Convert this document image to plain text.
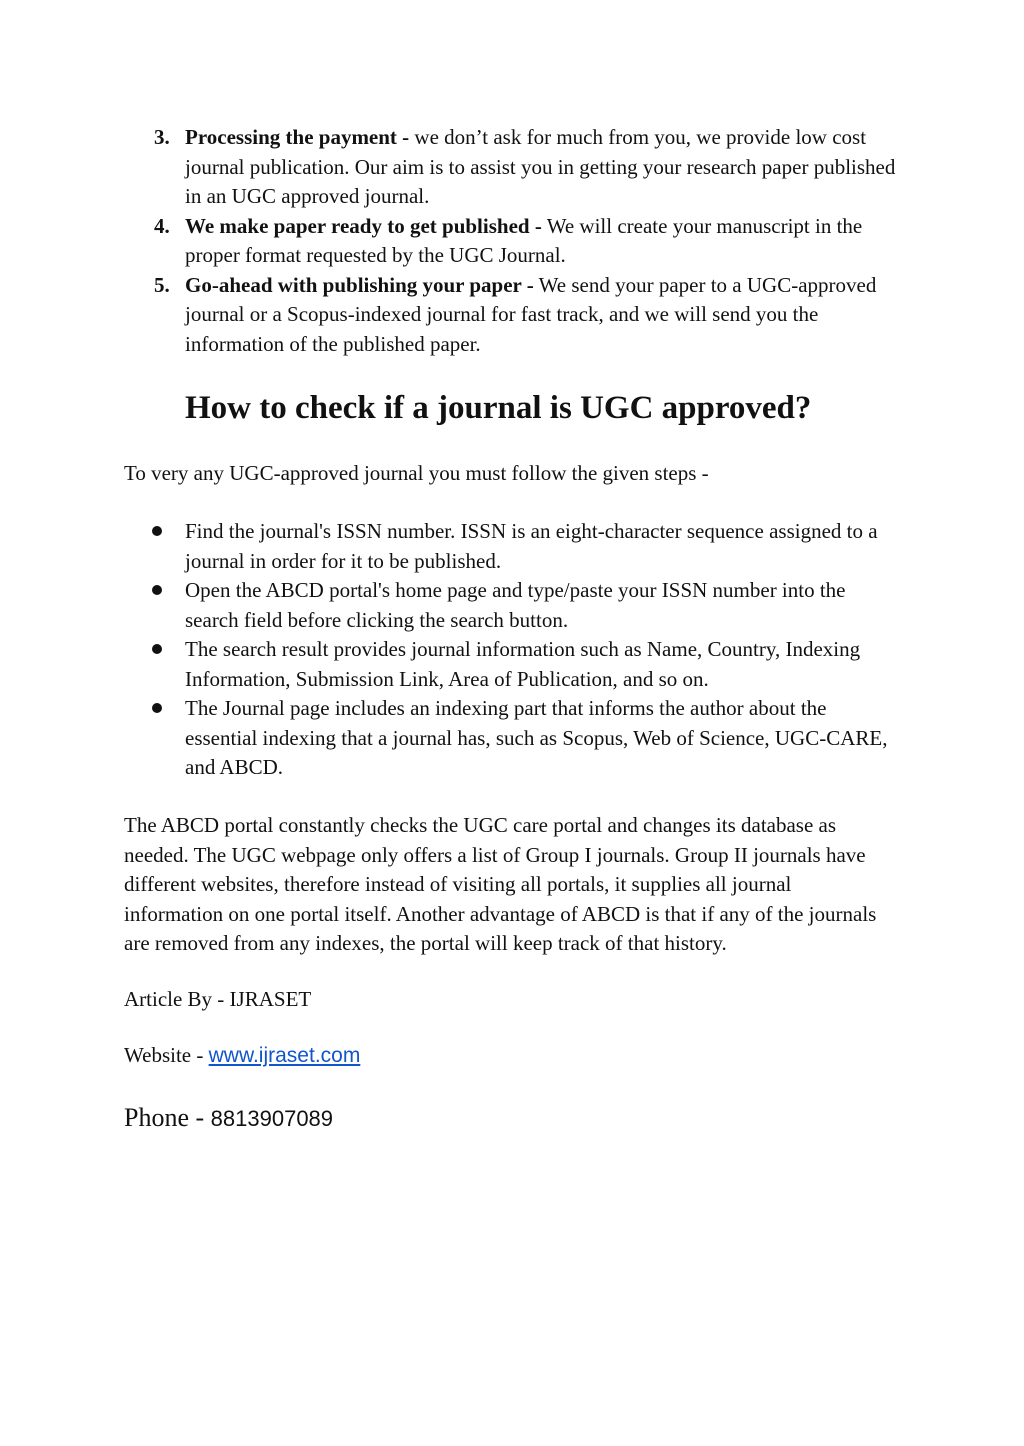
3. Processing the payment - we don’t ask for much from you, we provide low cost journal publication. Our aim is to assist you in getting your research paper published in an UGC approved journal.
4. We make paper ready to get published - We will create your manuscript in the proper format requested by the UGC Journal.
5. Go-ahead with publishing your paper - We send your paper to a UGC-approved journal or a Scopus-indexed journal for fast track, and we will send you the information of the published paper.
How to check if a journal is UGC approved?

To very any UGC-approved journal you must follow the given steps -

Find the journal's ISSN number. ISSN is an eight-character sequence assigned to a journal in order for it to be published.
Open the ABCD portal's home page and type/paste your ISSN number into the search field before clicking the search button.
The search result provides journal information such as Name, Country, Indexing Information, Submission Link, Area of Publication, and so on.
The Journal page includes an indexing part that informs the author about the essential indexing that a journal has, such as Scopus, Web of Science, UGC-CARE, and ABCD.

The ABCD portal constantly checks the UGC care portal and changes its database as needed. The UGC webpage only offers a list of Group I journals. Group II journals have different websites, therefore instead of visiting all portals, it supplies all journal information on one portal itself. Another advantage of ABCD is that if any of the journals are removed from any indexes, the portal will keep track of that history.

Article By - IJRASET

Website - www.ijraset.com

Phone - 8813907089
